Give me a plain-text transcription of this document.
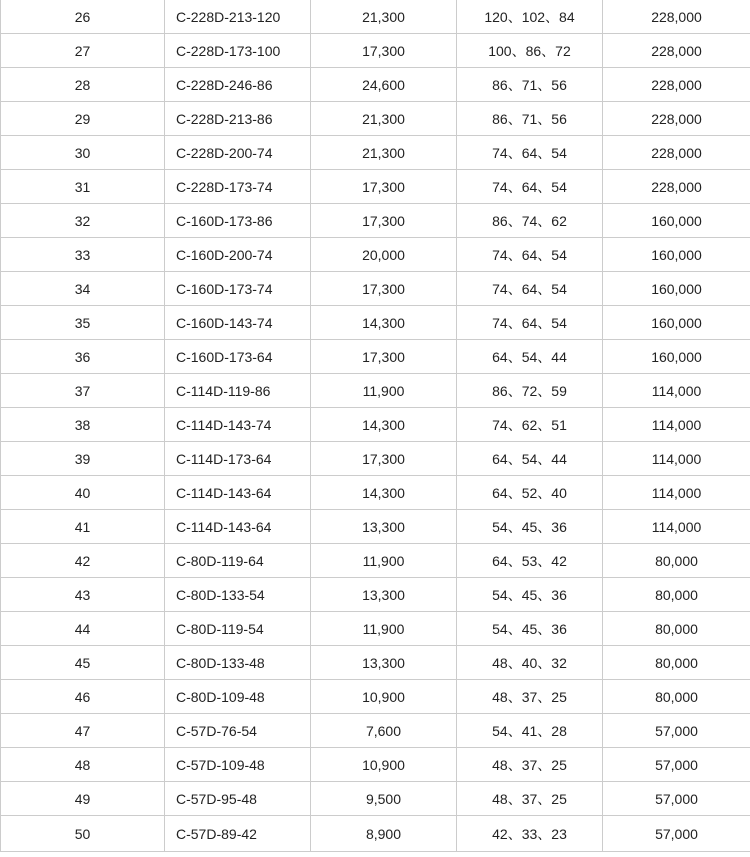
26	C-228D-213-120	21,300	120、102、84	228,000
27	C-228D-173-100	17,300	100、86、72	228,000
28	C-228D-246-86	24,600	86、71、56	228,000
29	C-228D-213-86	21,300	86、71、56	228,000
30	C-228D-200-74	21,300	74、64、54	228,000
31	C-228D-173-74	17,300	74、64、54	228,000
32	C-160D-173-86	17,300	86、74、62	160,000
33	C-160D-200-74	20,000	74、64、54	160,000
34	C-160D-173-74	17,300	74、64、54	160,000
35	C-160D-143-74	14,300	74、64、54	160,000
36	C-160D-173-64	17,300	64、54、44	160,000
37	C-114D-119-86	11,900	86、72、59	114,000
38	C-114D-143-74	14,300	74、62、51	114,000
39	C-114D-173-64	17,300	64、54、44	114,000
40	C-114D-143-64	14,300	64、52、40	114,000
41	C-114D-143-64	13,300	54、45、36	114,000
42	C-80D-119-64	11,900	64、53、42	80,000
43	C-80D-133-54	13,300	54、45、36	80,000
44	C-80D-119-54	11,900	54、45、36	80,000
45	C-80D-133-48	13,300	48、40、32	80,000
46	C-80D-109-48	10,900	48、37、25	80,000
47	C-57D-76-54	7,600	54、41、28	57,000
48	C-57D-109-48	10,900	48、37、25	57,000
49	C-57D-95-48	9,500	48、37、25	57,000
50	C-57D-89-42	8,900	42、33、23	57,000
